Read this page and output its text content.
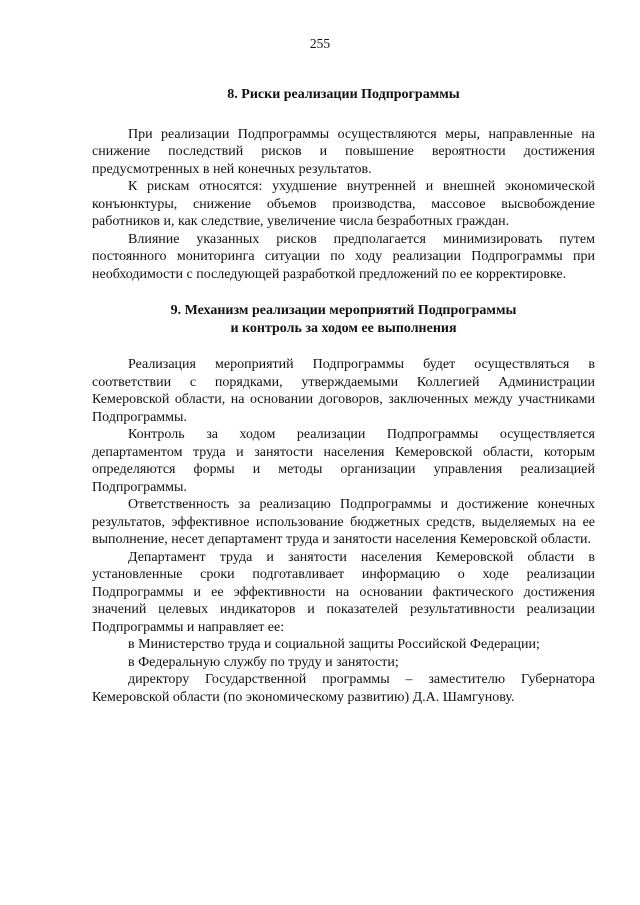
255
8. Риски реализации Подпрограммы

При реализации Подпрограммы осуществляются меры, направленные на снижение последствий рисков и повышение вероятности достижения предусмотренных в ней конечных результатов.

К рискам относятся: ухудшение внутренней и внешней экономической конъюнктуры, снижение объемов производства, массовое высвобождение работников и, как следствие, увеличение числа безработных граждан.

Влияние указанных рисков предполагается минимизировать путем постоянного мониторинга ситуации по ходу реализации Подпрограммы при необходимости с последующей разработкой предложений по ее корректировке.

9. Механизм реализации мероприятий Подпрограммы
и контроль за ходом ее выполнения

Реализация мероприятий Подпрограммы будет осуществляться в соответствии с порядками, утверждаемыми Коллегией Администрации Кемеровской области, на основании договоров, заключенных между участниками Подпрограммы.

Контроль за ходом реализации Подпрограммы осуществляется департаментом труда и занятости населения Кемеровской области, которым определяются формы и методы организации управления реализацией Подпрограммы.

Ответственность за реализацию Подпрограммы и достижение конечных результатов, эффективное использование бюджетных средств, выделяемых на ее выполнение, несет департамент труда и занятости населения Кемеровской области.

Департамент труда и занятости населения Кемеровской области в установленные сроки подготавливает информацию о ходе реализации Подпрограммы и ее эффективности на основании фактического достижения значений целевых индикаторов и показателей результативности реализации Подпрограммы и направляет ее:

в Министерство труда и социальной защиты Российской Федерации;

в Федеральную службу по труду и занятости;

директору Государственной программы – заместителю Губернатора Кемеровской области (по экономическому развитию) Д.А. Шамгунову.
